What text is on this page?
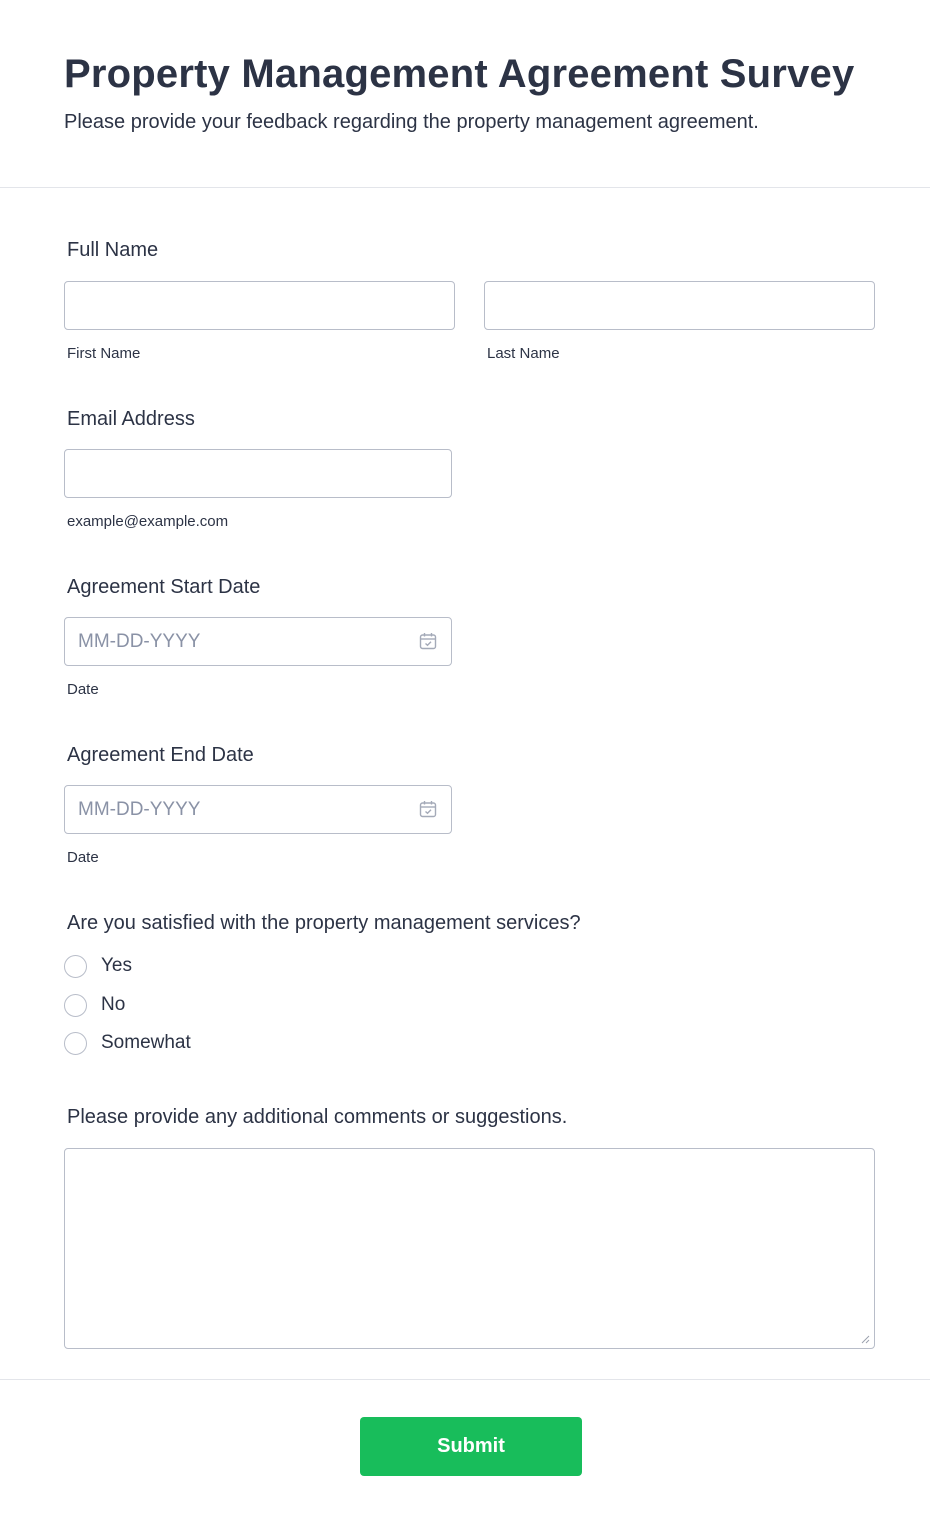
Property Management Agreement Survey
Please provide your feedback regarding the property management agreement.
Full Name
First Name	Last Name
Email Address
example@example.com
Agreement Start Date
MM-DD-YYYY
Date
Agreement End Date
MM-DD-YYYY
Date
Are you satisfied with the property management services?
Yes
No
Somewhat
Please provide any additional comments or suggestions.
Submit
